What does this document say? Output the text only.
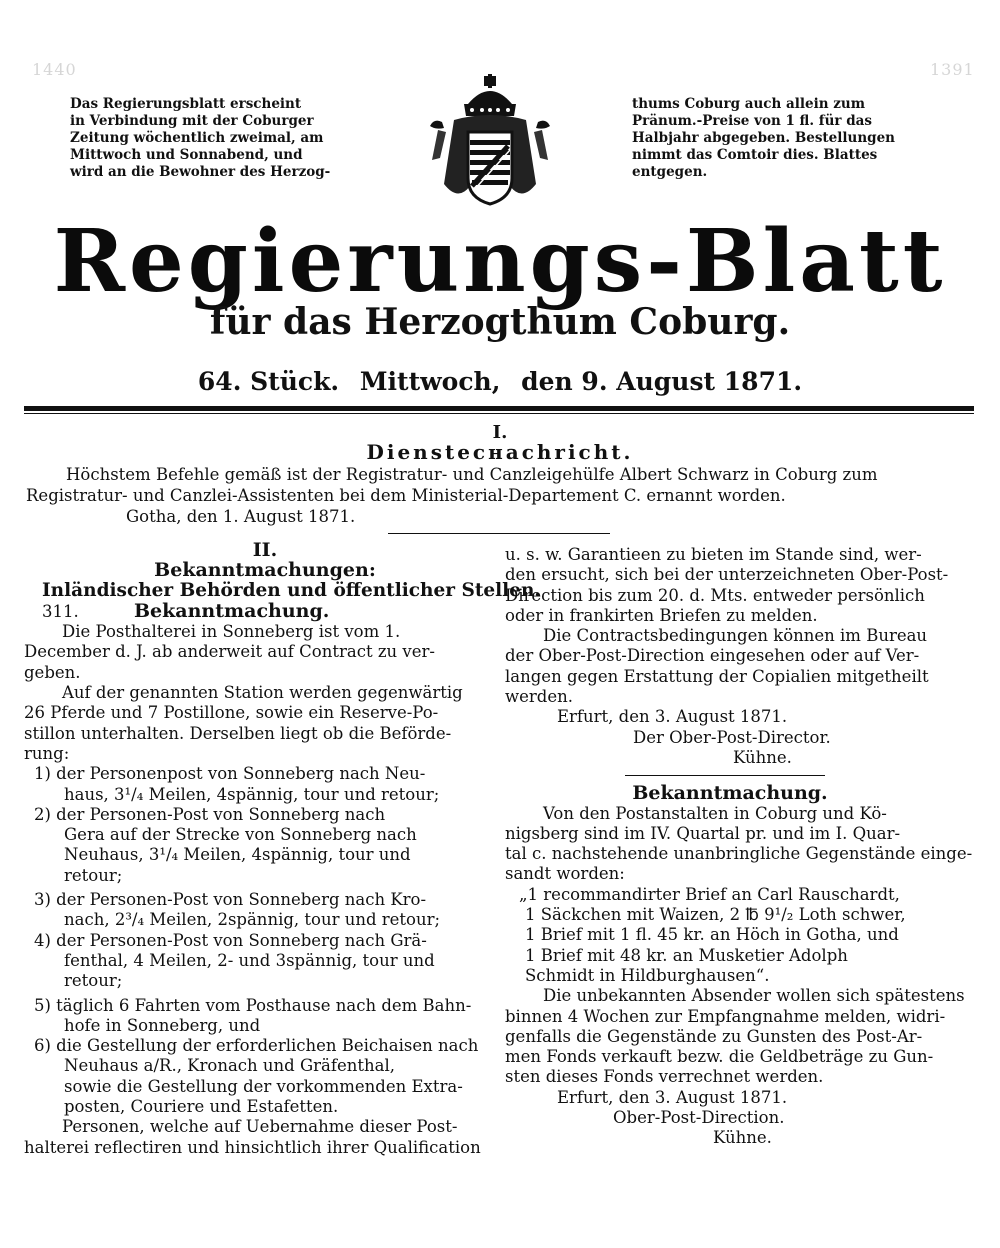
1440	1391
Das Regierungsblatt erscheint
in Verbindung mit der Coburger
Zeitung wöchentlich zweimal, am
Mittwoch und Sonnabend, und
wird an die Bewohner des Herzog-
thums Coburg auch allein zum
Pränum.-Preise von 1 fl. für das
Halbjahr abgegeben. Bestellungen
nimmt das Comtoir dies. Blattes
entgegen.
Regierungs-Blatt
für das Herzogthum Coburg.
64. Stück. Mittwoch, den 9. August 1871.
I.
Diensteснachricht.
Höchstem Befehle gemäß ist der Registratur- und Canzleigehülfe Albert Schwarz in Coburg zum
Registratur- und Canzlei-Assistenten bei dem Ministerial-Departement C. ernannt worden.
Gotha, den 1. August 1871.
II.
Bekanntmachungen:
Inländischer Behörden und öffentlicher Stellen.
311.	Bekanntmachung.
Die Posthalterei in Sonneberg ist vom 1.
December d. J. ab anderweit auf Contract zu ver-
geben.
Auf der genannten Station werden gegenwärtig
26 Pferde und 7 Postillone, sowie ein Reserve-Po-
stillon unterhalten. Derselben liegt ob die Beförde-
rung:
1) der Personenpost von Sonneberg nach Neu-
haus, 3¹/₄ Meilen, 4spännig, tour und retour;
2) der Personen-Post von Sonneberg nach
Gera auf der Strecke von Sonneberg nach
Neuhaus, 3¹/₄ Meilen, 4spännig, tour und
retour;
3) der Personen-Post von Sonneberg nach Kro-
nach, 2³/₄ Meilen, 2spännig, tour und retour;
4) der Personen-Post von Sonneberg nach Grä-
fenthal, 4 Meilen, 2- und 3spännig, tour und
retour;
5) täglich 6 Fahrten vom Posthause nach dem Bahn-
hofe in Sonneberg, und
6) die Gestellung der erforderlichen Beichaisen nach
Neuhaus a/R., Kronach und Gräfenthal,
sowie die Gestellung der vorkommenden Extra-
posten, Couriere und Estafetten.
Personen, welche auf Uebernahme dieser Post-
halterei reflectiren und hinsichtlich ihrer Qualification
u. s. w. Garantieen zu bieten im Stande sind, wer-
den ersucht, sich bei der unterzeichneten Ober-Post-
Direction bis zum 20. d. Mts. entweder persönlich
oder in frankirten Briefen zu melden.
Die Contractsbedingungen können im Bureau
der Ober-Post-Direction eingesehen oder auf Ver-
langen gegen Erstattung der Copialien mitgetheilt
werden.
Erfurt, den 3. August 1871.
Der Ober-Post-Director.
Kühne.
Bekanntmachung.
Von den Postanstalten in Coburg und Kö-
nigsberg sind im IV. Quartal pr. und im I. Quar-
tal c. nachstehende unanbringliche Gegenstände einge-
sandt worden:
„1 recommandirter Brief an Carl Rauschardt,
1 Säckchen mit Waizen, 2 ℔ 9¹/₂ Loth schwer,
1 Brief mit 1 fl. 45 kr. an Höch in Gotha, und
1 Brief mit 48 kr. an Musketier Adolph
Schmidt in Hildburghausen“.
Die unbekannten Absender wollen sich spätestens
binnen 4 Wochen zur Empfangnahme melden, widri-
genfalls die Gegenstände zu Gunsten des Post-Ar-
men Fonds verkauft bezw. die Geldbeträge zu Gun-
sten dieses Fonds verrechnet werden.
Erfurt, den 3. August 1871.
Ober-Post-Direction.
Kühne.
